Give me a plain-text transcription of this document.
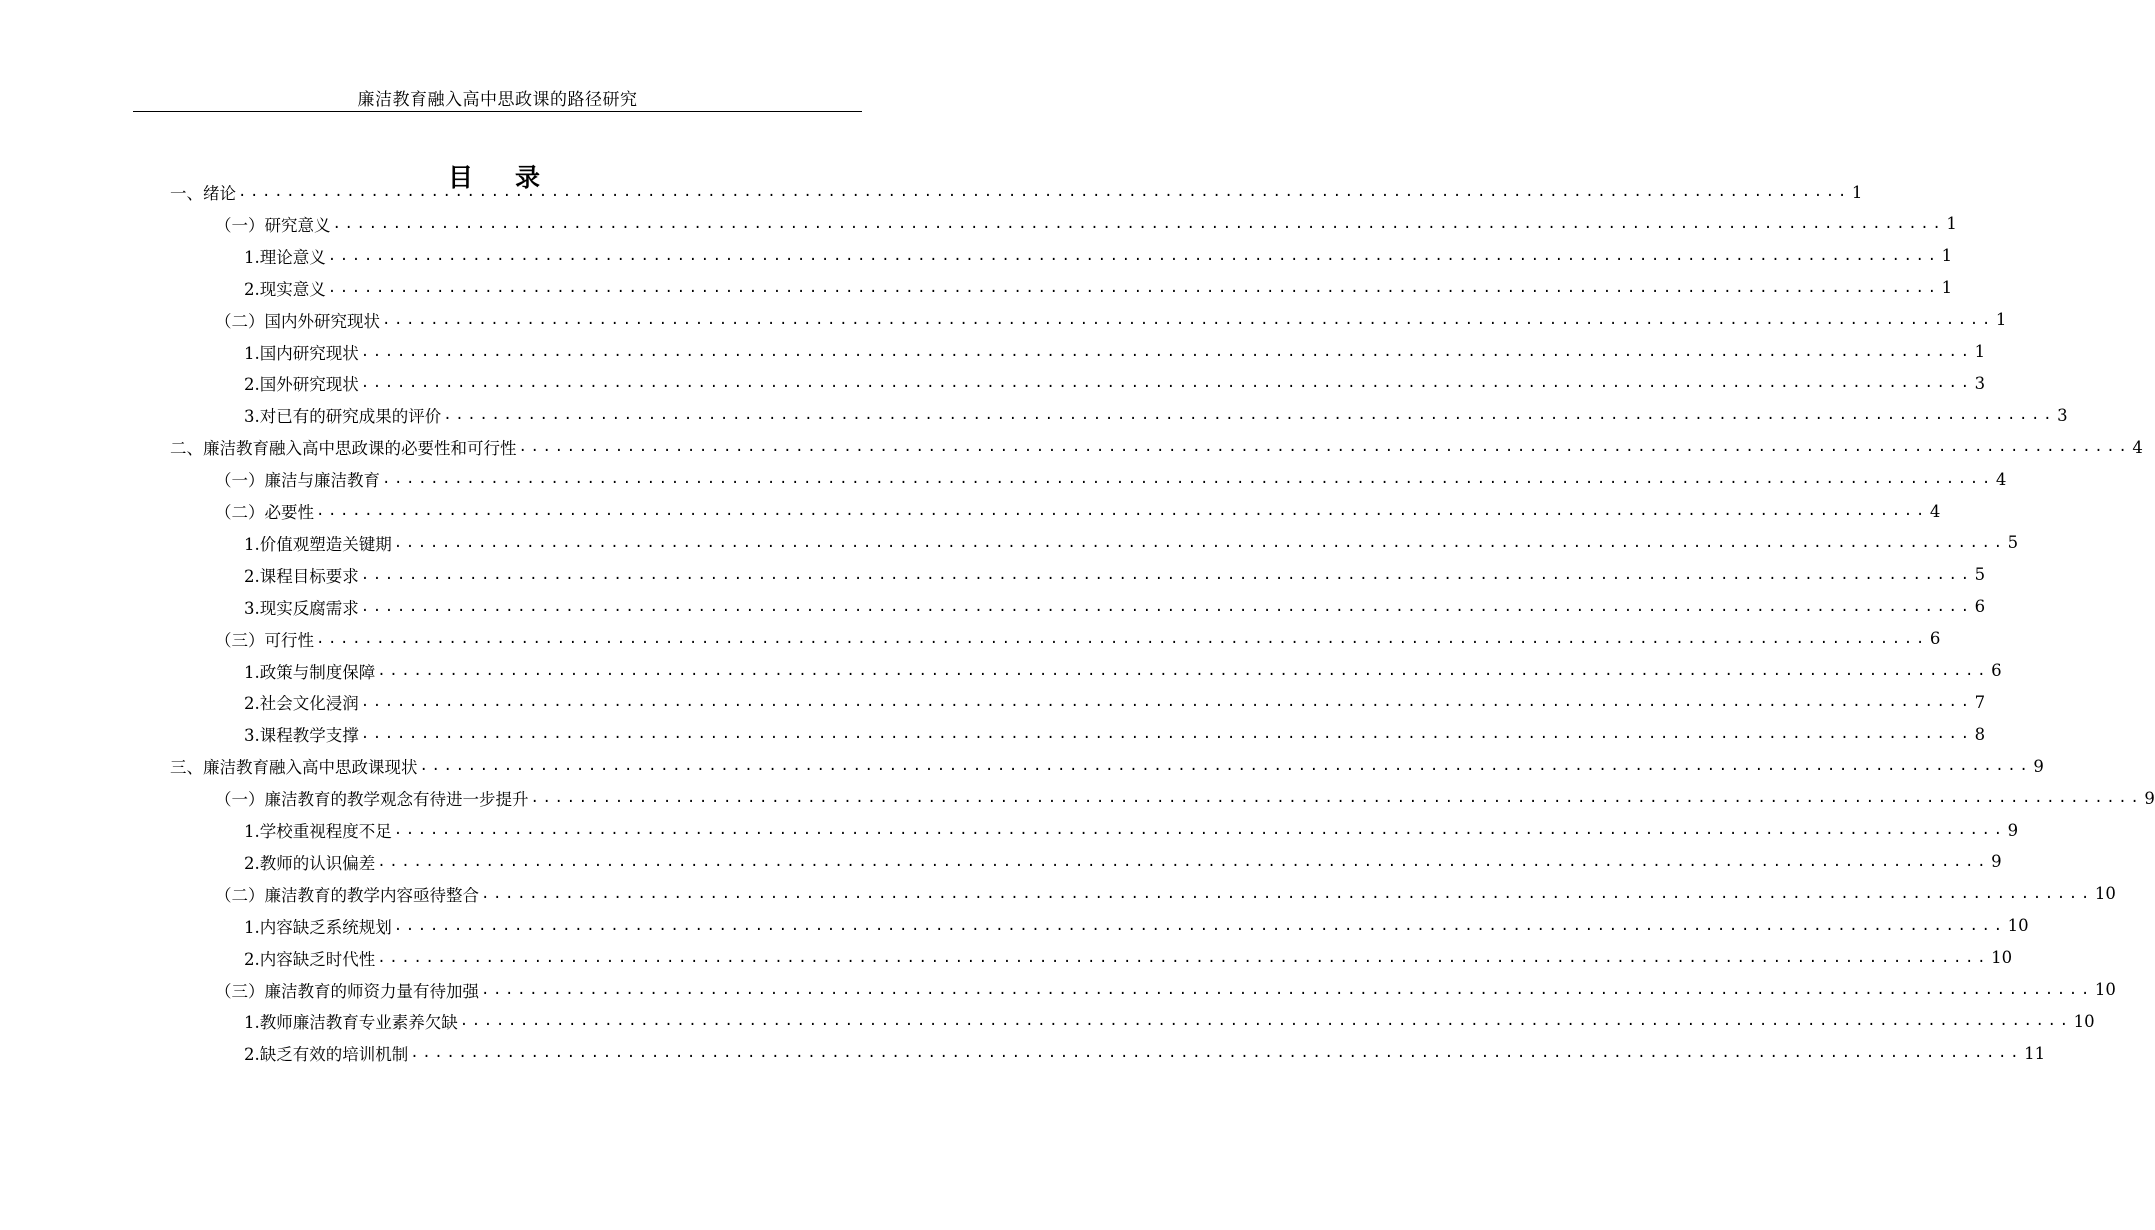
廉洁教育融入高中思政课的路径研究
目录
一、绪论 ...................................................................................................................................... 1
（一）研究意义 ...................................................................................................................................... 1
1.理论意义 ...................................................................................................................................... 1
2.现实意义 ...................................................................................................................................... 1
（二）国内外研究现状 ...................................................................................................................................... 1
1.国内研究现状 ...................................................................................................................................... 1
2.国外研究现状 ...................................................................................................................................... 3
3.对已有的研究成果的评价 ...................................................................................................................................... 3
二、廉洁教育融入高中思政课的必要性和可行性 ...................................................................................................................................... 4
（一）廉洁与廉洁教育 ...................................................................................................................................... 4
（二）必要性 ...................................................................................................................................... 4
1.价值观塑造关键期 ...................................................................................................................................... 5
2.课程目标要求 ...................................................................................................................................... 5
3.现实反腐需求 ...................................................................................................................................... 6
（三）可行性 ...................................................................................................................................... 6
1.政策与制度保障 ...................................................................................................................................... 6
2.社会文化浸润 ...................................................................................................................................... 7
3.课程教学支撑 ...................................................................................................................................... 8
三、廉洁教育融入高中思政课现状 ...................................................................................................................................... 9
（一）廉洁教育的教学观念有待进一步提升 ...................................................................................................................................... 9
1.学校重视程度不足 ...................................................................................................................................... 9
2.教师的认识偏差 ...................................................................................................................................... 9
（二）廉洁教育的教学内容亟待整合 ...................................................................................................................................... 10
1.内容缺乏系统规划 ...................................................................................................................................... 10
2.内容缺乏时代性 ...................................................................................................................................... 10
（三）廉洁教育的师资力量有待加强 ...................................................................................................................................... 10
1.教师廉洁教育专业素养欠缺 ...................................................................................................................................... 10
2.缺乏有效的培训机制 ...................................................................................................................................... 11
